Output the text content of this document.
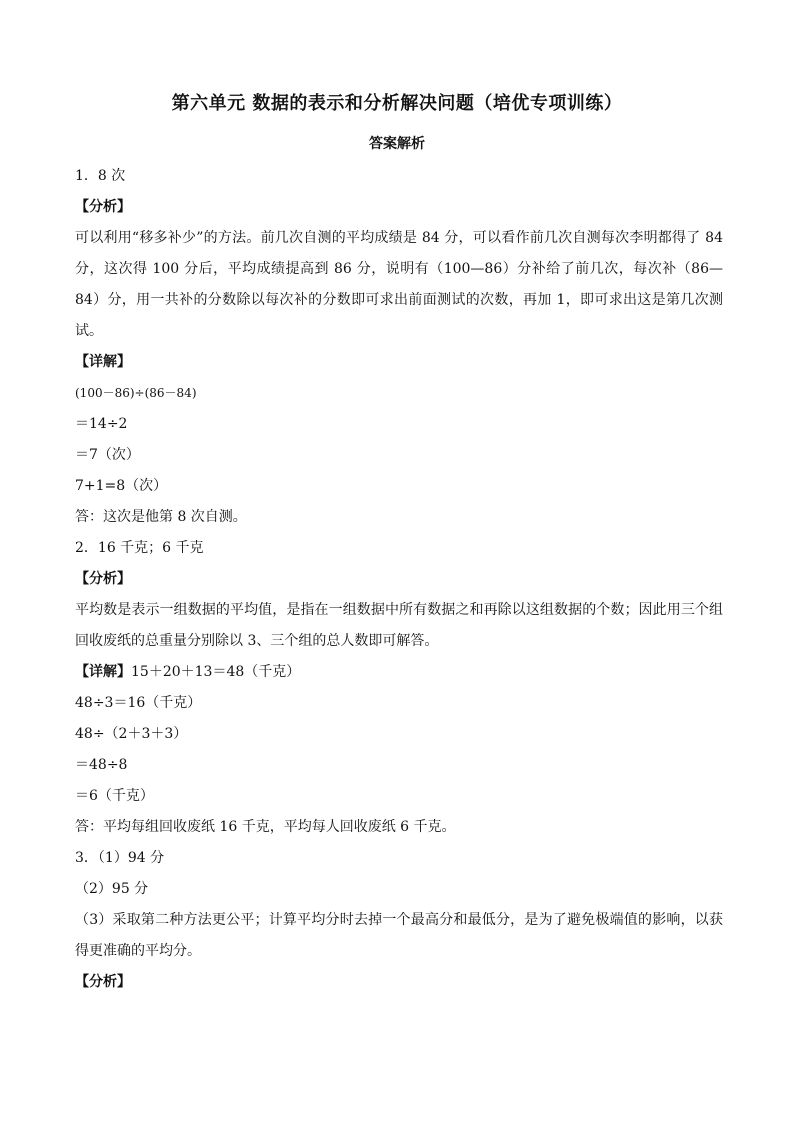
第六单元 数据的表示和分析解决问题（培优专项训练）
答案解析
1．8 次
【分析】
可以利用“移多补少”的方法。前几次自测的平均成绩是 84 分，可以看作前几次自测每次李明都得了 84 分，这次得 100 分后，平均成绩提高到 86 分，说明有（100—86）分补给了前几次，每次补（86—84）分，用一共补的分数除以每次补的分数即可求出前面测试的次数，再加 1，即可求出这是第几次测试。
【详解】
(100－86)÷(86－84)
＝14÷2
＝7（次）
7+1=8（次）
答：这次是他第 8 次自测。
2．16 千克；6 千克
【分析】
平均数是表示一组数据的平均值，是指在一组数据中所有数据之和再除以这组数据的个数；因此用三个组回收废纸的总重量分别除以 3、三个组的总人数即可解答。
【详解】15＋20＋13＝48（千克）
48÷3＝16（千克）
48÷（2＋3＋3）
＝48÷8
＝6（千克）
答：平均每组回收废纸 16 千克，平均每人回收废纸 6 千克。
3．（1）94 分
（2）95 分
（3）采取第二种方法更公平；计算平均分时去掉一个最高分和最低分，是为了避免极端值的影响，以获得更准确的平均分。
【分析】
